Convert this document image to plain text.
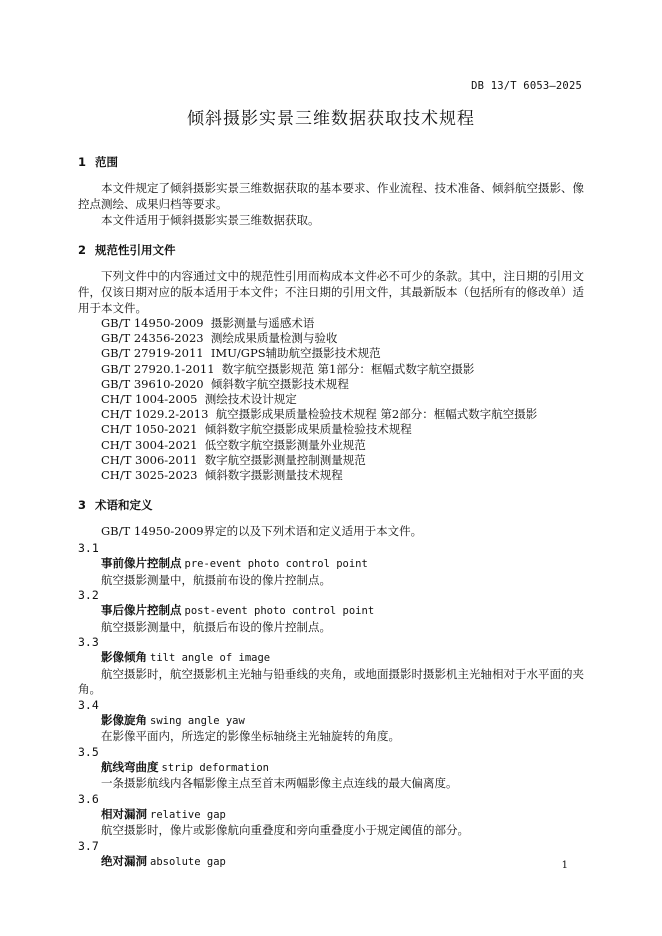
DB 13/T 6053—2025
倾斜摄影实景三维数据获取技术规程
1 范围

本文件规定了倾斜摄影实景三维数据获取的基本要求、作业流程、技术准备、倾斜航空摄影、像控点测绘、成果归档等要求。

本文件适用于倾斜摄影实景三维数据获取。

2 规范性引用文件

下列文件中的内容通过文中的规范性引用而构成本文件必不可少的条款。其中，注日期的引用文件，仅该日期对应的版本适用于本文件；不注日期的引用文件，其最新版本（包括所有的修改单）适用于本文件。

GB/T 14950-2009 摄影测量与遥感术语
GB/T 24356-2023 测绘成果质量检测与验收
GB/T 27919-2011 IMU/GPS辅助航空摄影技术规范
GB/T 27920.1-2011 数字航空摄影规范 第1部分：框幅式数字航空摄影
GB/T 39610-2020 倾斜数字航空摄影技术规程
CH/T 1004-2005 测绘技术设计规定
CH/T 1029.2-2013 航空摄影成果质量检验技术规程 第2部分：框幅式数字航空摄影
CH/T 1050-2021 倾斜数字航空摄影成果质量检验技术规程
CH/T 3004-2021 低空数字航空摄影测量外业规范
CH/T 3006-2011 数字航空摄影测量控制测量规范
CH/T 3025-2023 倾斜数字摄影测量技术规程
3 术语和定义

GB/T 14950-2009界定的以及下列术语和定义适用于本文件。

3.1

事前像片控制点 pre-event photo control point

航空摄影测量中，航摄前布设的像片控制点。

3.2

事后像片控制点 post-event photo control point

航空摄影测量中，航摄后布设的像片控制点。

3.3

影像倾角 tilt angle of image

航空摄影时，航空摄影机主光轴与铅垂线的夹角，或地面摄影时摄影机主光轴相对于水平面的夹角。

3.4

影像旋角 swing angle yaw

在影像平面内，所选定的影像坐标轴绕主光轴旋转的角度。

3.5

航线弯曲度 strip deformation

一条摄影航线内各幅影像主点至首末两幅影像主点连线的最大偏离度。

3.6

相对漏洞 relative gap

航空摄影时，像片或影像航向重叠度和旁向重叠度小于规定阈值的部分。

3.7

绝对漏洞 absolute gap	1
